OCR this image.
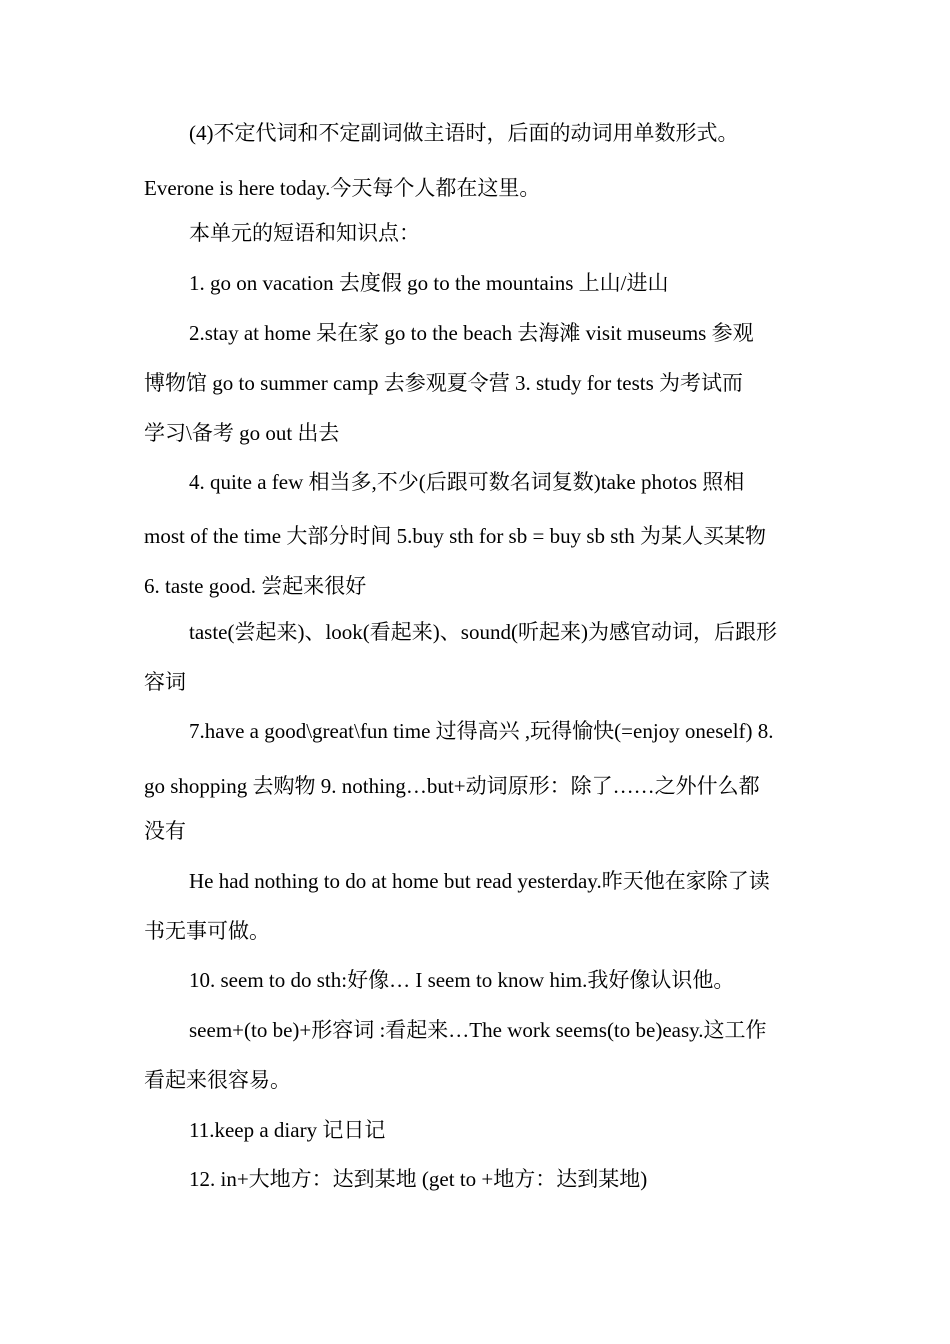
(4)不定代词和不定副词做主语时，后面的动词用单数形式。
Everone is here today.今天每个人都在这里。
本单元的短语和知识点：
1. go on vacation 去度假 go to the mountains 上山/进山
2.stay at home 呆在家 go to the beach 去海滩 visit museums 参观
博物馆 go to summer camp 去参观夏令营 3. study for tests 为考试而
学习\备考 go out 出去
4. quite a few 相当多,不少(后跟可数名词复数)take photos 照相
most of the time 大部分时间 5.buy sth for sb = buy sb sth 为某人买某物
6. taste good. 尝起来很好
taste(尝起来)、look(看起来)、sound(听起来)为感官动词，后跟形
容词
7.have a good\great\fun time 过得高兴 ,玩得愉快(=enjoy oneself) 8.
go shopping 去购物 9. nothing…but+动词原形：除了……之外什么都
没有
He had nothing to do at home but read yesterday.昨天他在家除了读
书无事可做。
10. seem to do sth:好像… I seem to know him.我好像认识他。
seem+(to be)+形容词 :看起来…The work seems(to be)easy.这工作
看起来很容易。
11.keep a diary 记日记
12. in+大地方：达到某地 (get to +地方：达到某地)
